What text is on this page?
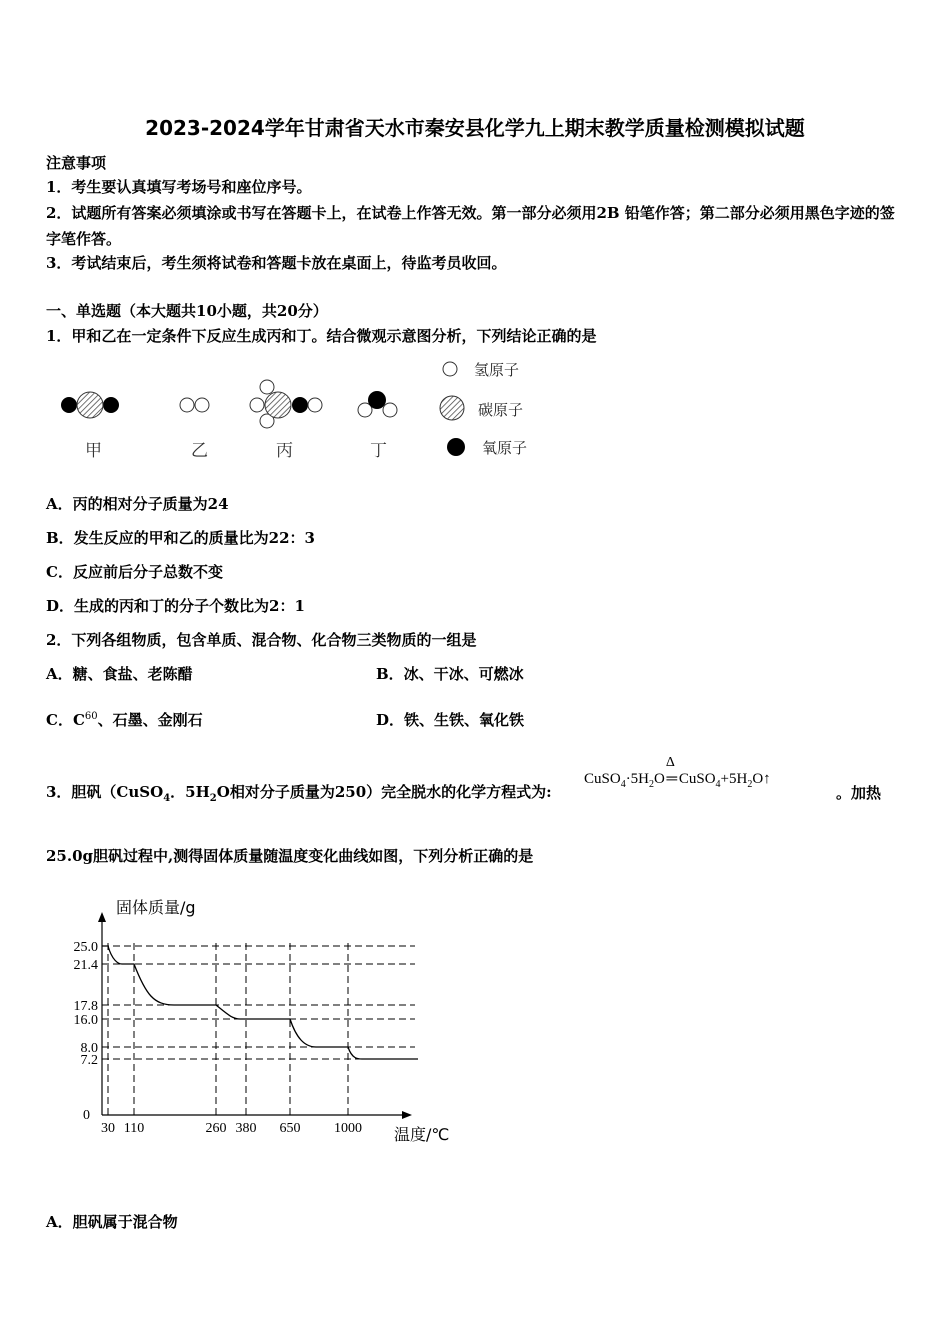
2023-2024学年甘肃省天水市秦安县化学九上期末教学质量检测模拟试题
注意事项
1．考生要认真填写考场号和座位序号。
2．试题所有答案必须填涂或书写在答题卡上，在试卷上作答无效。第一部分必须用2B 铅笔作答；第二部分必须用黑色字迹的签字笔作答。
3．考试结束后，考生须将试卷和答题卡放在桌面上，待监考员收回。
一、单选题（本大题共10小题，共20分）
1．甲和乙在一定条件下反应生成丙和丁。结合微观示意图分析，下列结论正确的是
甲	乙	丙	丁
氢原子
碳原子
氧原子
A．丙的相对分子质量为24
B．发生反应的甲和乙的质量比为22：3
C．反应前后分子总数不变
D．生成的丙和丁的分子个数比为2：1
2．下列各组物质，包含单质、混合物、化合物三类物质的一组是
A．糖、食盐、老陈醋	B．冰、干冰、可燃冰
C．$C^{60}$、石墨、金刚石	D．铁、生铁、氧化铁
3．胆矾（CuSO$_4$．$5H_2O$相对分子质量为250）完全脱水的化学方程式为:
$CuSO_4\cdot 5H_2O$
Δ
═ $CuSO_4+5H_2O↑$
。加热
25.0g胆矾过程中,测得固体质量随温度变化曲线如图，下列分析正确的是
固体质量/g
温度/℃
25.0
21.4
17.8
16.0
8.0
7.2
0
30 110	260 380 650 1000
A．胆矾属于混合物
